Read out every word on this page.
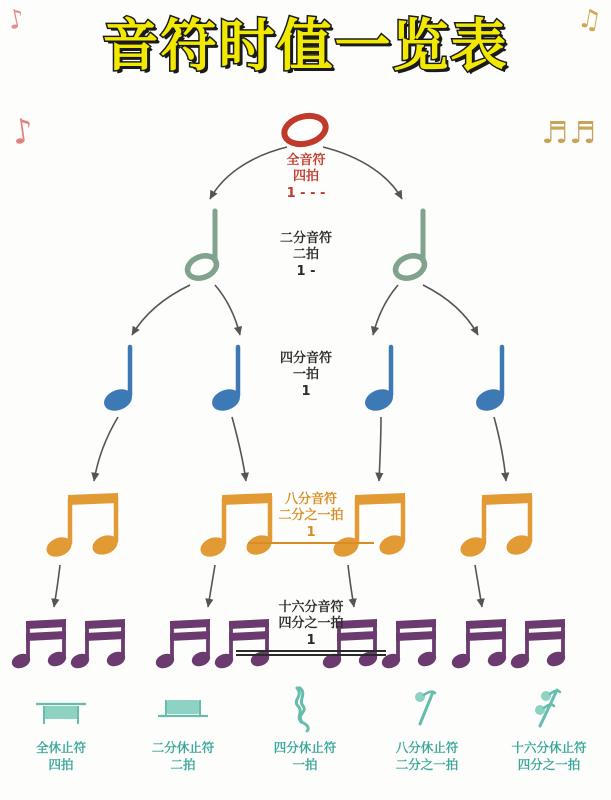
音符时值一览表
♪	♫
♪	♬♬
全音符
四拍
1 - - -
二分音符
二拍
1 -
四分音符
一拍
1
八分音符
二分之一拍
1
十六分音符
四分之一拍
1
全休止符
四拍
二分休止符
二拍
四分休止符
一拍
八分休止符
二分之一拍
十六分休止符
四分之一拍
